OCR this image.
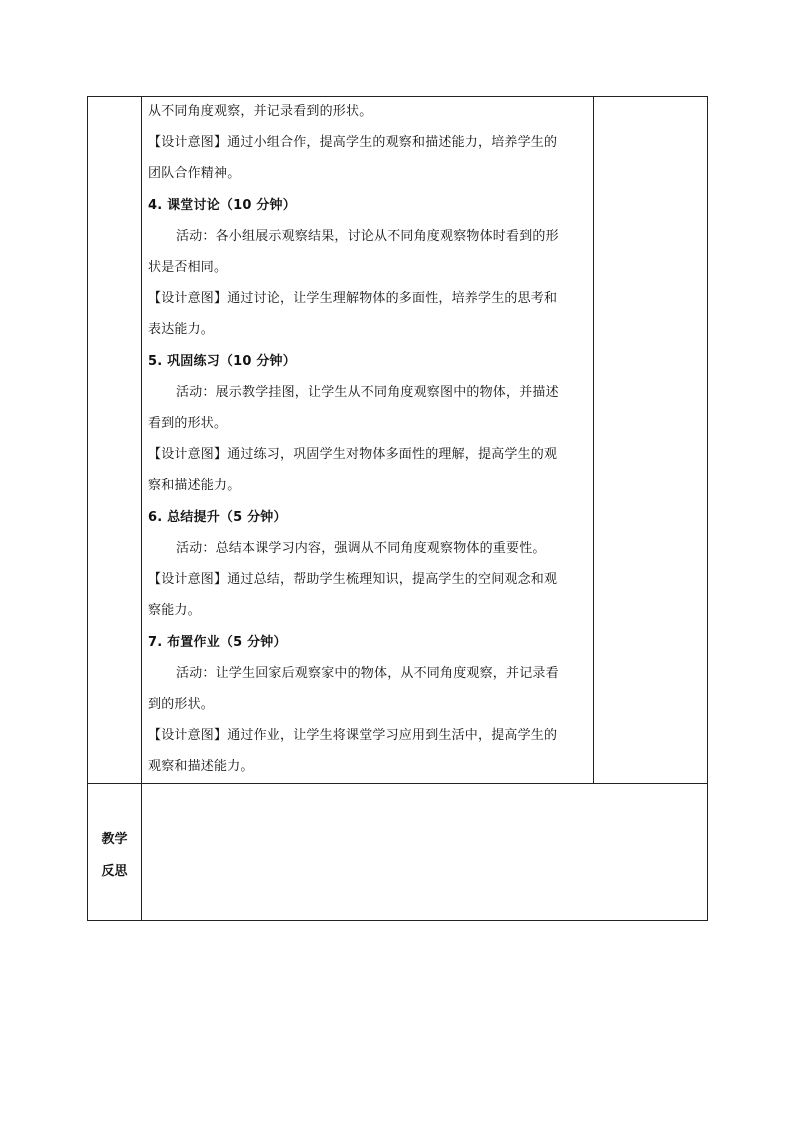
从不同角度观察，并记录看到的形状。
【设计意图】通过小组合作，提高学生的观察和描述能力，培养学生的
团队合作精神。
4. 课堂讨论（10 分钟）
活动：各小组展示观察结果，讨论从不同角度观察物体时看到的形
状是否相同。
【设计意图】通过讨论，让学生理解物体的多面性，培养学生的思考和
表达能力。
5. 巩固练习（10 分钟）
活动：展示教学挂图，让学生从不同角度观察图中的物体，并描述
看到的形状。
【设计意图】通过练习，巩固学生对物体多面性的理解，提高学生的观
察和描述能力。
6. 总结提升（5 分钟）
活动：总结本课学习内容，强调从不同角度观察物体的重要性。
【设计意图】通过总结，帮助学生梳理知识，提高学生的空间观念和观
察能力。
7. 布置作业（5 分钟）
活动：让学生回家后观察家中的物体，从不同角度观察，并记录看
到的形状。
【设计意图】通过作业，让学生将课堂学习应用到生活中，提高学生的
观察和描述能力。
教学
反思
